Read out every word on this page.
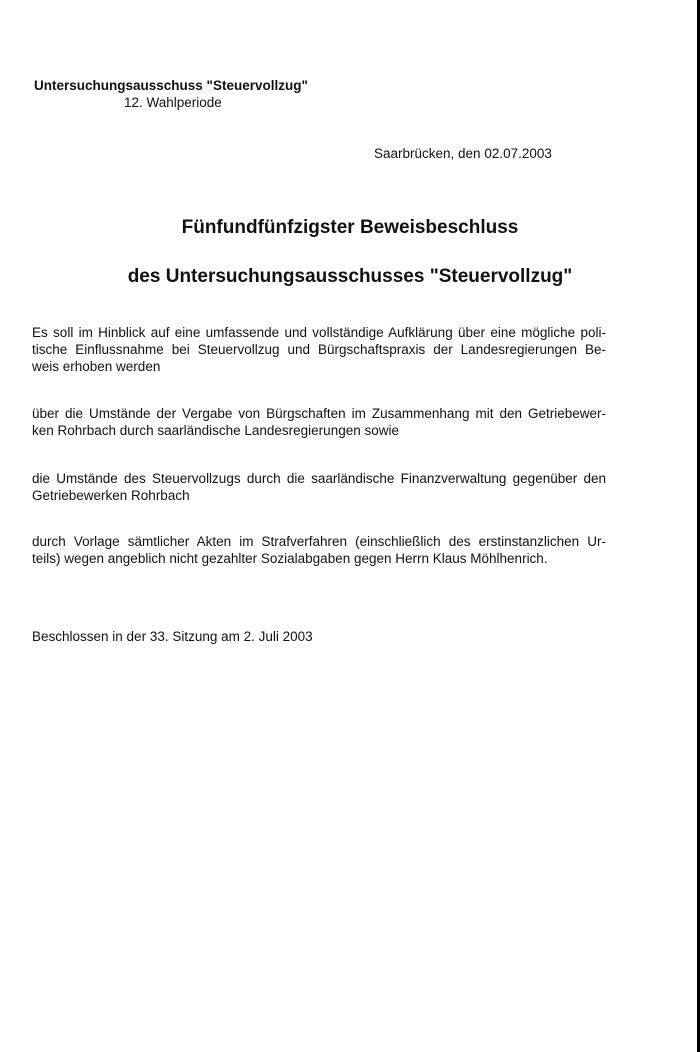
Untersuchungsausschuss "Steuervollzug"

12. Wahlperiode

Saarbrücken, den 02.07.2003

Fünfundfünfzigster Beweisbeschluss

des Untersuchungsausschusses "Steuervollzug"

Es soll im Hinblick auf eine umfassende und vollständige Aufklärung über eine mögliche poli-
tische Einflussnahme bei Steuervollzug und Bürgschaftspraxis der Landesregierungen Be-
weis erhoben werden
über die Umstände der Vergabe von Bürgschaften im Zusammenhang mit den Getriebewer-
ken Rohrbach durch saarländische Landesregierungen sowie
die Umstände des Steuervollzugs durch die saarländische Finanzverwaltung gegenüber den
Getriebewerken Rohrbach
durch Vorlage sämtlicher Akten im Strafverfahren (einschließlich des erstinstanzlichen Ur-
teils) wegen angeblich nicht gezahlter Sozialabgaben gegen Herrn Klaus Möhlhenrich.

Beschlossen in der 33. Sitzung am 2. Juli 2003
